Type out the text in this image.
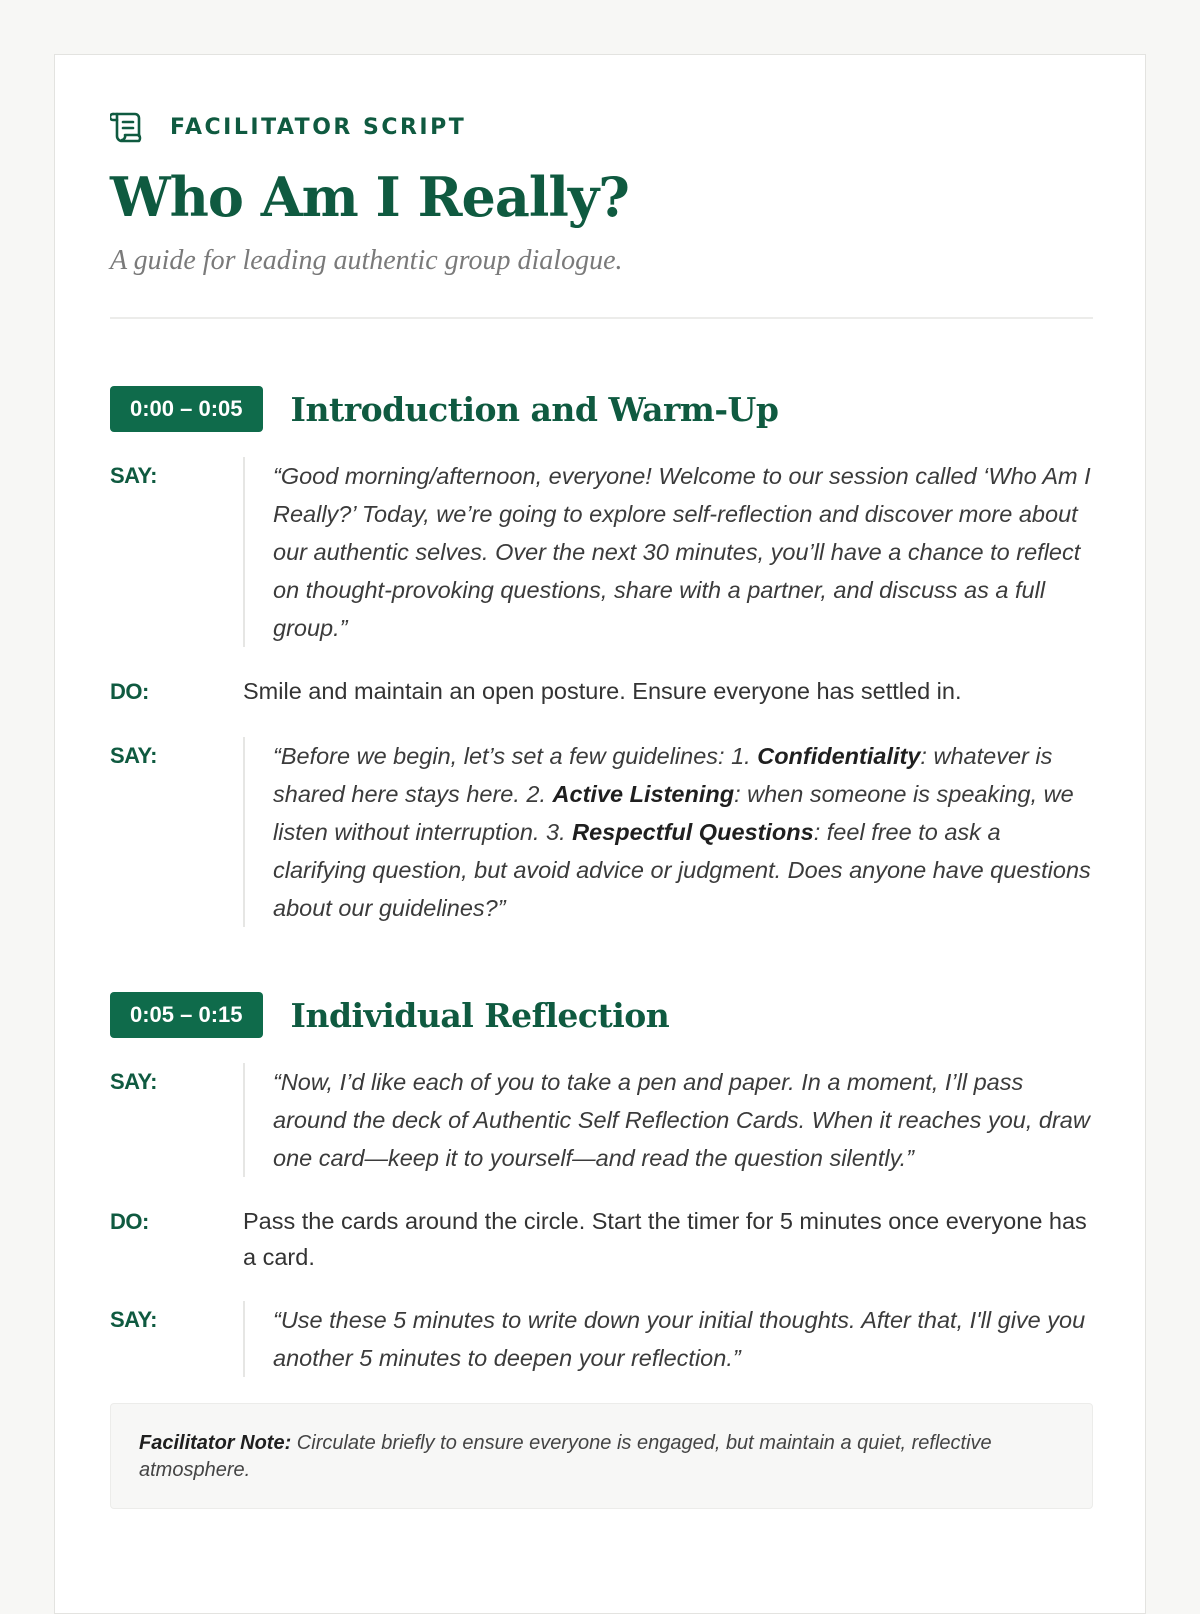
FACILITATOR SCRIPT
Who Am I Really?

A guide for leading authentic group dialogue.

0:00 – 0:05	Introduction and Warm-Up
SAY:	“Good morning/afternoon, everyone! Welcome to our session called ‘Who Am I Really?’ Today, we’re going to explore self-reflection and discover more about our authentic selves. Over the next 30 minutes, you’ll have a chance to reflect on thought-provoking questions, share with a partner, and discuss as a full group.”
DO:	Smile and maintain an open posture. Ensure everyone has settled in.
SAY:	“Before we begin, let’s set a few guidelines: 1. Confidentiality: whatever is shared here stays here. 2. Active Listening: when someone is speaking, we listen without interruption. 3. Respectful Questions: feel free to ask a clarifying question, but avoid advice or judgment. Does anyone have questions about our guidelines?”
0:05 – 0:15	Individual Reflection
SAY:	“Now, I’d like each of you to take a pen and paper. In a moment, I’ll pass around the deck of Authentic Self Reflection Cards. When it reaches you, draw one card—keep it to yourself—and read the question silently.”
DO:	Pass the cards around the circle. Start the timer for 5 minutes once everyone has a card.
SAY:	“Use these 5 minutes to write down your initial thoughts. After that, I'll give you another 5 minutes to deepen your reflection.”
Facilitator Note: Circulate briefly to ensure everyone is engaged, but maintain a quiet, reflective atmosphere.
